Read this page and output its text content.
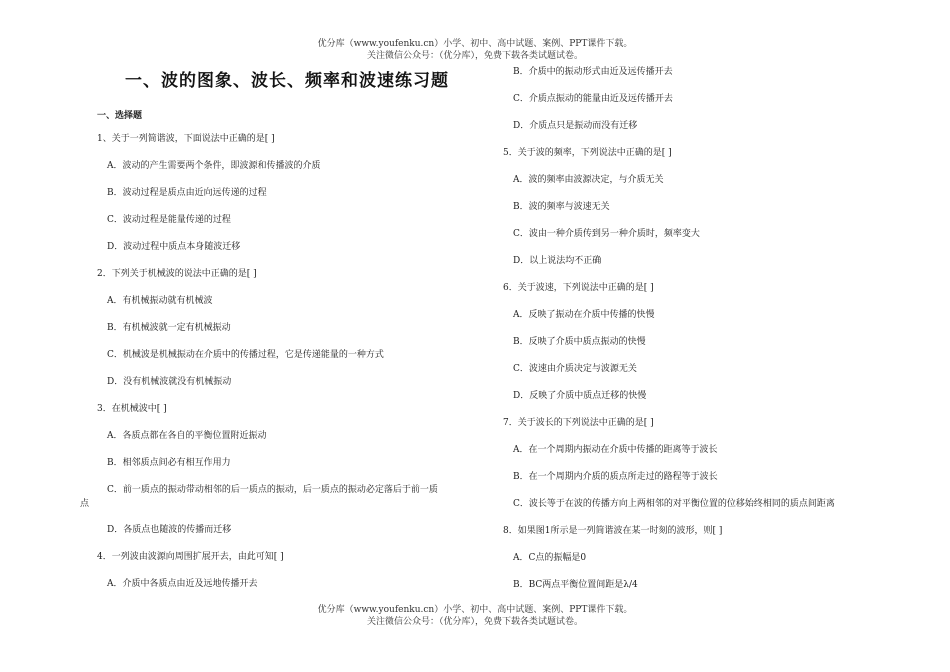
优分库（www.youfenku.cn）小学、初中、高中试题、案例、PPT课件下载。
关注微信公众号：（优分库），免费下载各类试题试卷。
一、波的图象、波长、频率和波速练习题
一、选择题
1、关于一列简谐波，下面说法中正确的是[ ]
A．波动的产生需要两个条件，即波源和传播波的介质
B．波动过程是质点由近向远传递的过程
C．波动过程是能量传递的过程
D．波动过程中质点本身随波迁移
2．下列关于机械波的说法中正确的是[ ]
A．有机械振动就有机械波
B．有机械波就一定有机械振动
C．机械波是机械振动在介质中的传播过程，它是传递能量的一种方式
D．没有机械波就没有机械振动
3．在机械波中[ ]
A．各质点都在各自的平衡位置附近振动
B．相邻质点间必有相互作用力
C．前一质点的振动带动相邻的后一质点的振动，后一质点的振动必定落后于前一质
点
D．各质点也随波的传播而迁移
4．一列波由波源向周围扩展开去，由此可知[ ]
A．介质中各质点由近及远地传播开去
B．介质中的振动形式由近及远传播开去
C．介质点振动的能量由近及远传播开去
D．介质点只是振动而没有迁移
5．关于波的频率，下列说法中正确的是[ ]
A．波的频率由波源决定，与介质无关
B．波的频率与波速无关
C．波由一种介质传到另一种介质时，频率变大
D．以上说法均不正确
6．关于波速，下列说法中正确的是[ ]
A．反映了振动在介质中传播的快慢
B．反映了介质中质点振动的快慢
C．波速由介质决定与波源无关
D．反映了介质中质点迁移的快慢
7．关于波长的下列说法中正确的是[ ]
A．在一个周期内振动在介质中传播的距离等于波长
B．在一个周期内介质的质点所走过的路程等于波长
C．波长等于在波的传播方向上两相邻的对平衡位置的位移始终相同的质点间距离
8．如果图1所示是一列简谐波在某一时刻的波形，则[ ]
A．C点的振幅是0
B．BC两点平衡位置间距是λ/4
优分库（www.youfenku.cn）小学、初中、高中试题、案例、PPT课件下载。
关注微信公众号：（优分库），免费下载各类试题试卷。
